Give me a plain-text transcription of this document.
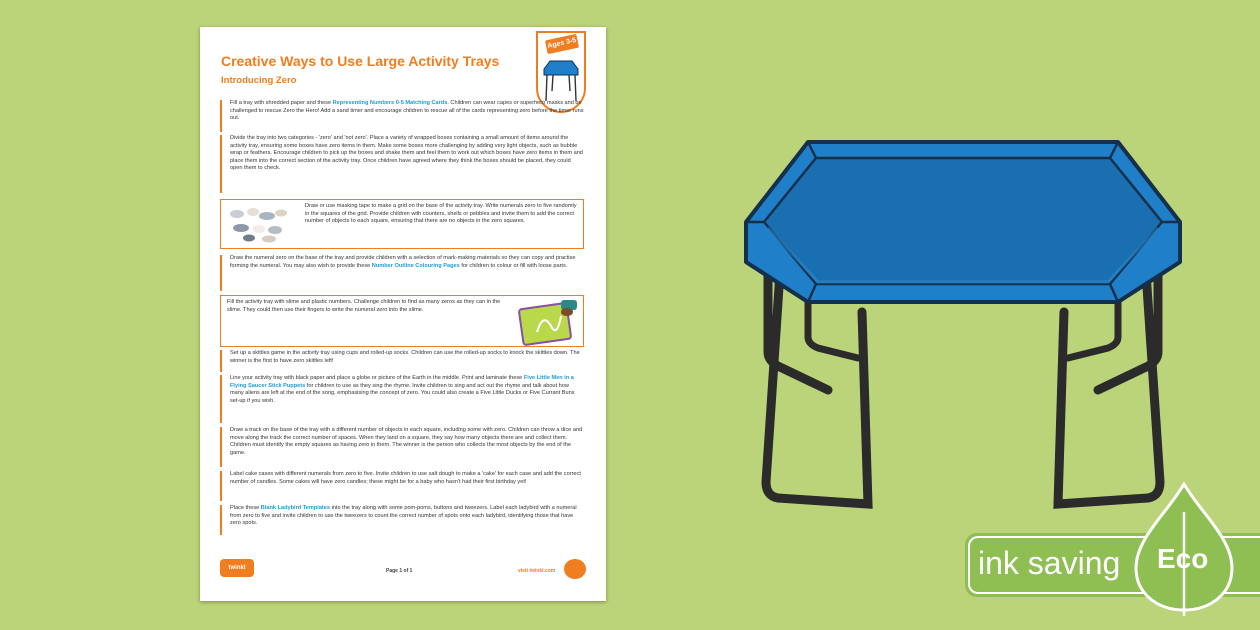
Creative Ways to Use Large Activity Trays
Introducing Zero
Ages 3-5
Fill a tray with shredded paper and these Representing Numbers 0-5 Matching Cards. Children can wear capes or superhero masks and be challenged to rescue Zero the Hero! Add a sand timer and encourage children to rescue all of the cards representing zero before the timer runs out.
Divide the tray into two categories - 'zero' and 'not zero'. Place a variety of wrapped boxes containing a small amount of items around the activity tray, ensuring some boxes have zero items in them. Make some boxes more challenging by adding very light objects, such as bubble wrap or feathers. Encourage children to pick up the boxes and shake them and feel them to work out which boxes have zero items in them and place them into the correct section of the activity tray. Once children have agreed where they think the boxes should be placed, they could open them to check.
Draw or use masking tape to make a grid on the base of the activity tray. Write numerals zero to five randomly in the squares of the grid. Provide children with counters, shells or pebbles and invite them to add the correct number of objects to each square, ensuring that there are no objects in the zero squares.
Draw the numeral zero on the base of the tray and provide children with a selection of mark-making materials so they can copy and practise forming the numeral. You may also wish to provide these Number Outline Colouring Pages for children to colour or fill with loose parts.
Fill the activity tray with slime and plastic numbers. Challenge children to find as many zeros as they can in the slime. They could then use their fingers to write the numeral zero into the slime.
Set up a skittles game in the activity tray using cups and rolled-up socks. Children can use the rolled-up socks to knock the skittles down. The winner is the first to have zero skittles left!
Line your activity tray with black paper and place a globe or picture of the Earth in the middle. Print and laminate these Five Little Men in a Flying Saucer Stick Puppets for children to use as they sing the rhyme. Invite children to sing and act out the rhyme and talk about how many aliens are left at the end of the song, emphasising the concept of zero. You could also create a Five Little Ducks or Five Currant Buns set-up if you wish.
Draw a track on the base of the tray with a different number of objects in each square, including some with zero. Children can throw a dice and move along the track the correct number of spaces. When they land on a square, they say how many objects there are and collect them. Children must identify the empty squares as having zero in them. The winner is the person who collects the most objects by the end of the game.
Label cake cases with different numerals from zero to five. Invite children to use salt dough to make a 'cake' for each case and add the correct number of candles. Some cakes will have zero candles; these might be for a baby who hasn't had their first birthday yet!
Place these Blank Ladybird Templates into the tray along with some pom-poms, buttons and tweezers. Label each ladybird with a numeral from zero to five and invite children to use the tweezers to count the correct number of spots onto each ladybird, identifying those that have zero spots.
twinkl	Page 1 of 1	visit twinkl.com	ink saving Eco
